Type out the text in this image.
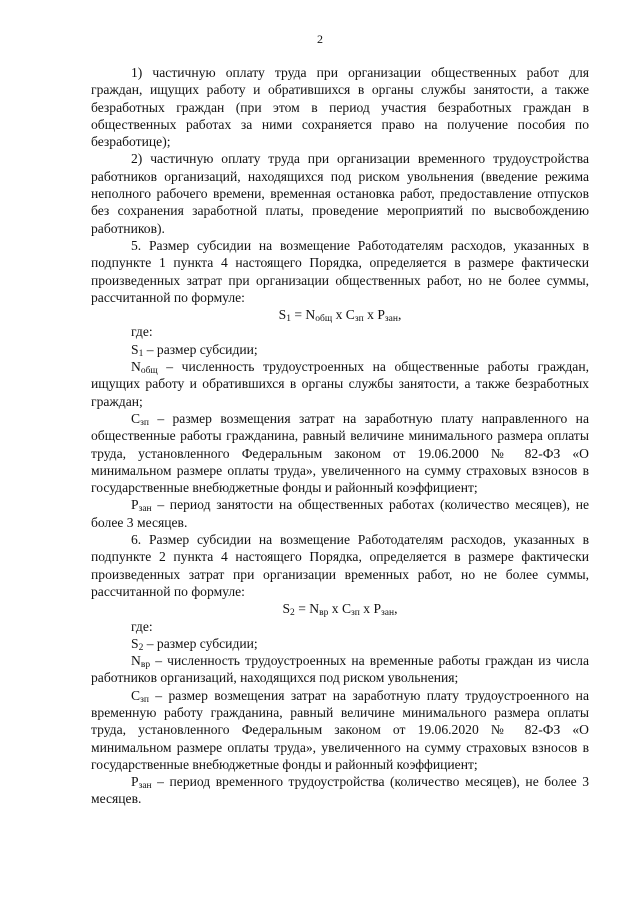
2

1) частичную оплату труда при организации общественных работ для граждан, ищущих работу и обратившихся в органы службы занятости, а также безработных граждан (при этом в период участия безработных граждан в общественных работах за ними сохраняется право на получение пособия по безработице);

2) частичную оплату труда при организации временного трудоустройства работников организаций, находящихся под риском увольнения (введение режима неполного рабочего времени, временная остановка работ, предоставление отпусков без сохранения заработной платы, проведение мероприятий по высвобождению работников).

5. Размер субсидии на возмещение Работодателям расходов, указанных в подпункте 1 пункта 4 настоящего Порядка, определяется в размере фактически произведенных затрат при организации общественных работ, но не более суммы, рассчитанной по формуле:

$S_1 = N_{общ}$ х $С_{зп}$ х $Р_{зан}$,

где:

$S_1$ – размер субсидии;

$N_{общ}$ – численность трудоустроенных на общественные работы граждан, ищущих работу и обратившихся в органы службы занятости, а также безработных граждан;

$С_{зп}$ – размер возмещения затрат на заработную плату направленного на общественные работы гражданина, равный величине минимального размера оплаты труда, установленного Федеральным законом от 19.06.2000 № 82-ФЗ «О минимальном размере оплаты труда», увеличенного на сумму страховых взносов в государственные внебюджетные фонды и районный коэффициент;

$Р_{зан}$ – период занятости на общественных работах (количество месяцев), не более 3 месяцев.

6. Размер субсидии на возмещение Работодателям расходов, указанных в подпункте 2 пункта 4 настоящего Порядка, определяется в размере фактически произведенных затрат при организации временных работ, но не более суммы, рассчитанной по формуле:

$S_2 = N_{вр}$ х $С_{зп}$ х $Р_{зан}$,

где:

$S_2$ – размер субсидии;

$N_{вр}$ – численность трудоустроенных на временные работы граждан из числа работников организаций, находящихся под риском увольнения;

$С_{зп}$ – размер возмещения затрат на заработную плату трудоустроенного на временную работу гражданина, равный величине минимального размера оплаты труда, установленного Федеральным законом от 19.06.2020 № 82-ФЗ «О минимальном размере оплаты труда», увеличенного на сумму страховых взносов в государственные внебюджетные фонды и районный коэффициент;

$Р_{зан}$ – период временного трудоустройства (количество месяцев), не более 3 месяцев.
